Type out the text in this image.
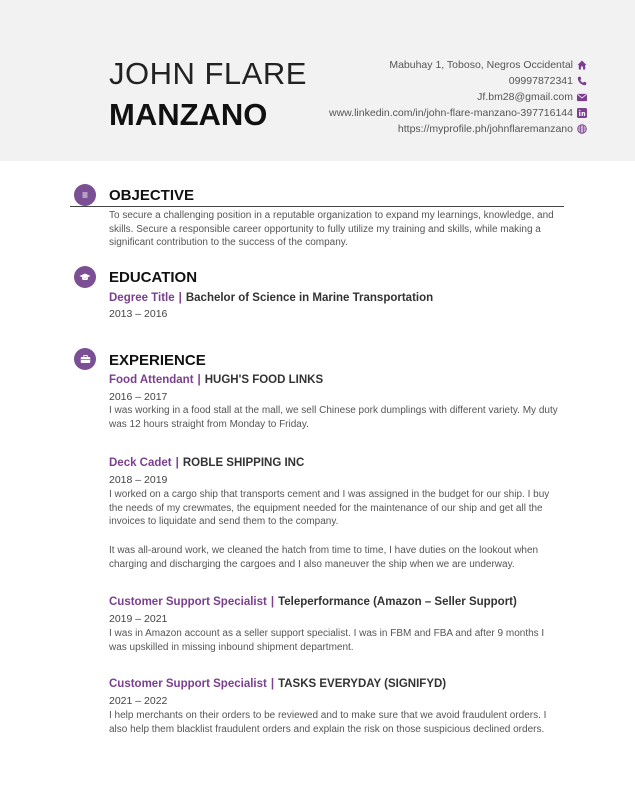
JOHN FLARE
MANZANO
Mabuhay 1, Toboso, Negros Occidental
09997872341
Jf.bm28@gmail.com
www.linkedin.com/in/john-flare-manzano-397716144
https://myprofile.ph/johnflaremanzano
OBJECTIVE
To secure a challenging position in a reputable organization to expand my learnings, knowledge, and skills. Secure a responsible career opportunity to fully utilize my training and skills, while making a significant contribution to the success of the company.
EDUCATION
Degree Title | Bachelor of Science in Marine Transportation
2013 – 2016
EXPERIENCE
Food Attendant | HUGH'S FOOD LINKS
2016 – 2017
I was working in a food stall at the mall, we sell Chinese pork dumplings with different variety. My duty was 12 hours straight from Monday to Friday.
Deck Cadet | ROBLE SHIPPING INC
2018 – 2019
I worked on a cargo ship that transports cement and I was assigned in the budget for our ship. I buy the needs of my crewmates, the equipment needed for the maintenance of our ship and get all the invoices to liquidate and send them to the company.
It was all-around work, we cleaned the hatch from time to time, I have duties on the lookout when charging and discharging the cargoes and I also maneuver the ship when we are underway.
Customer Support Specialist | Teleperformance (Amazon – Seller Support)
2019 – 2021
I was in Amazon account as a seller support specialist. I was in FBM and FBA and after 9 months I was upskilled in missing inbound shipment department.
Customer Support Specialist | TASKS EVERYDAY (SIGNIFYD)
2021 – 2022
I help merchants on their orders to be reviewed and to make sure that we avoid fraudulent orders. I also help them blacklist fraudulent orders and explain the risk on those suspicious declined orders.
